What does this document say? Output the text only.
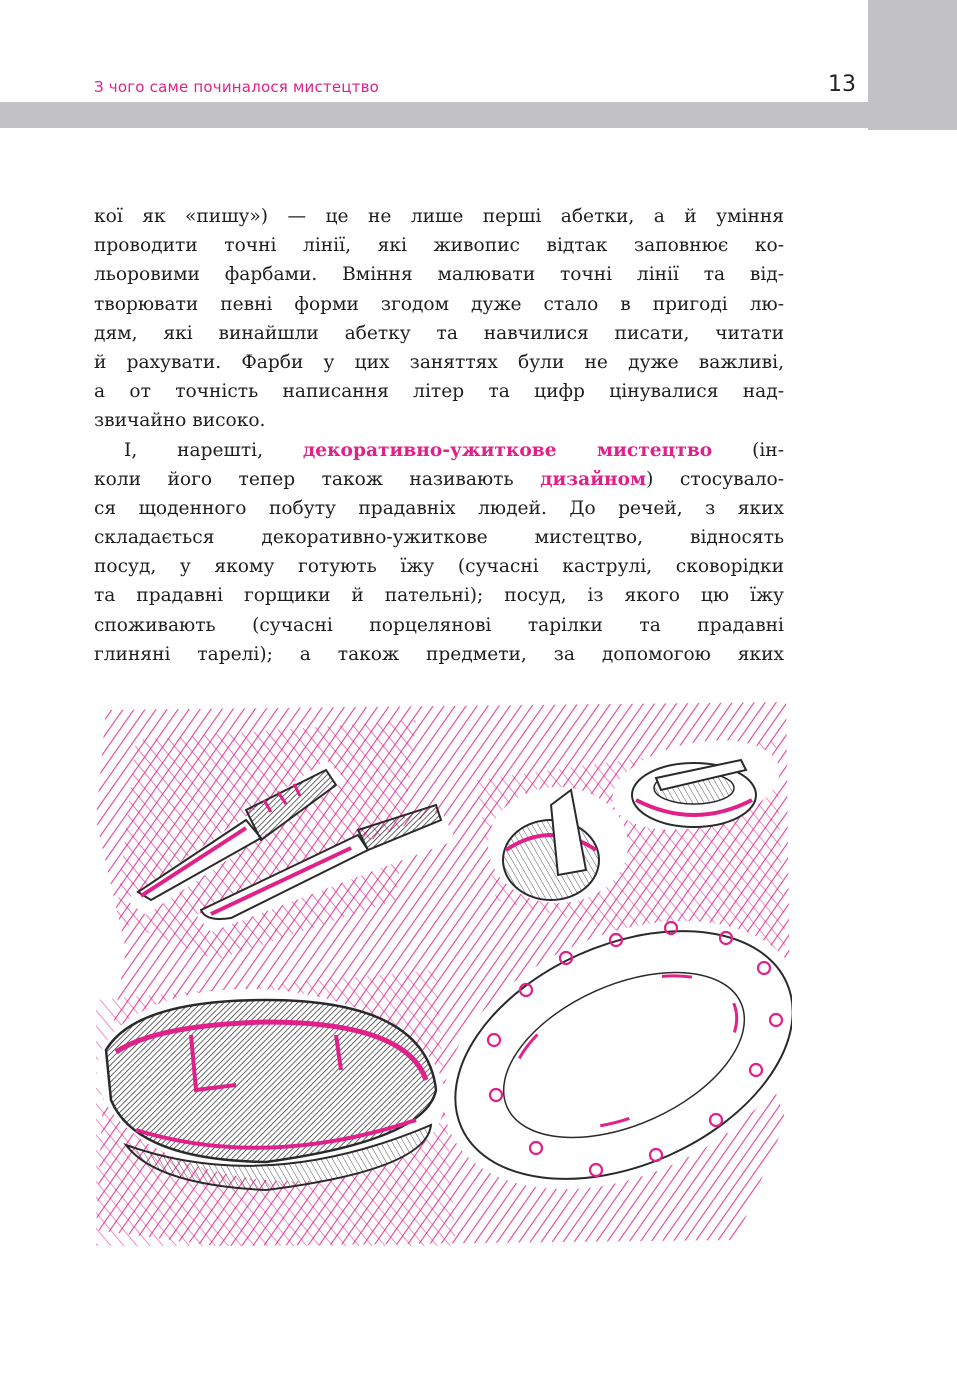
З чого саме починалося мистецтво	13
кої як «пишу») — це не лише перші абетки, а й уміння
проводити точні лінії, які живопис відтак заповнює ко-
льоровими фарбами. Вміння малювати точні лінії та від-
творювати певні форми згодом дуже стало в пригоді лю-
дям, які винайшли абетку та навчилися писати, читати
й рахувати. Фарби у цих заняттях були не дуже важливі,
а от точність написання літер та цифр цінувалися над-
звичайно високо.
І, нарешті, декоративно-ужиткове мистецтво (ін-
коли його тепер також називають дизайном) стосувало-
ся щоденного побуту прадавніх людей. До речей, з яких
складається декоративно-ужиткове мистецтво, відносять
посуд, у якому готують їжу (сучасні каструлі, сковорідки
та прадавні горщики й пательні); посуд, із якого цю їжу
споживають (сучасні порцелянові тарілки та прадавні
глиняні тарелі); а також предмети, за допомогою яких
